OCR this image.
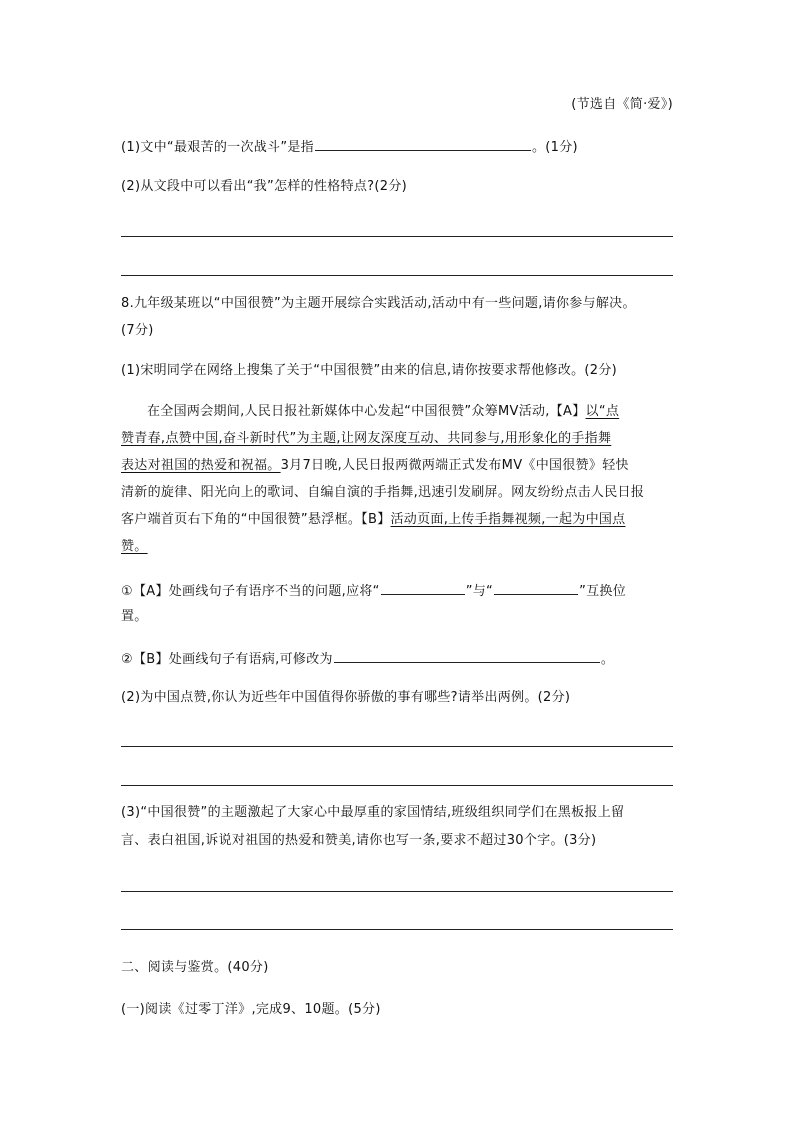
(节选自《简·爱》)
(1)文中“最艰苦的一次战斗”是指	。(1分)
(2)从文段中可以看出“我”怎样的性格特点?(2分)
8.九年级某班以“中国很赞”为主题开展综合实践活动,活动中有一些问题,请你参与解决。
(7分)
(1)宋明同学在网络上搜集了关于“中国很赞”由来的信息,请你按要求帮他修改。(2分)
在全国两会期间,人民日报社新媒体中心发起“中国很赞”众筹MV活动,【A】以“点
赞青春,点赞中国,奋斗新时代”为主题,让网友深度互动、共同参与,用形象化的手指舞
表达对祖国的热爱和祝福。3月7日晚,人民日报两微两端正式发布MV《中国很赞》轻快
清新的旋律、阳光向上的歌词、自编自演的手指舞,迅速引发刷屏。网友纷纷点击人民日报
客户端首页右下角的“中国很赞”悬浮框。【B】活动页面,上传手指舞视频,一起为中国点
赞。
①【A】处画线句子有语序不当的问题,应将“	”与“	”互换位
置。
②【B】处画线句子有语病,可修改为	。
(2)为中国点赞,你认为近些年中国值得你骄傲的事有哪些?请举出两例。(2分)
(3)“中国很赞”的主题激起了大家心中最厚重的家国情结,班级组织同学们在黑板报上留
言、表白祖国,诉说对祖国的热爱和赞美,请你也写一条,要求不超过30个字。(3分)
二、阅读与鉴赏。(40分)
(一)阅读《过零丁洋》,完成9、10题。(5分)
